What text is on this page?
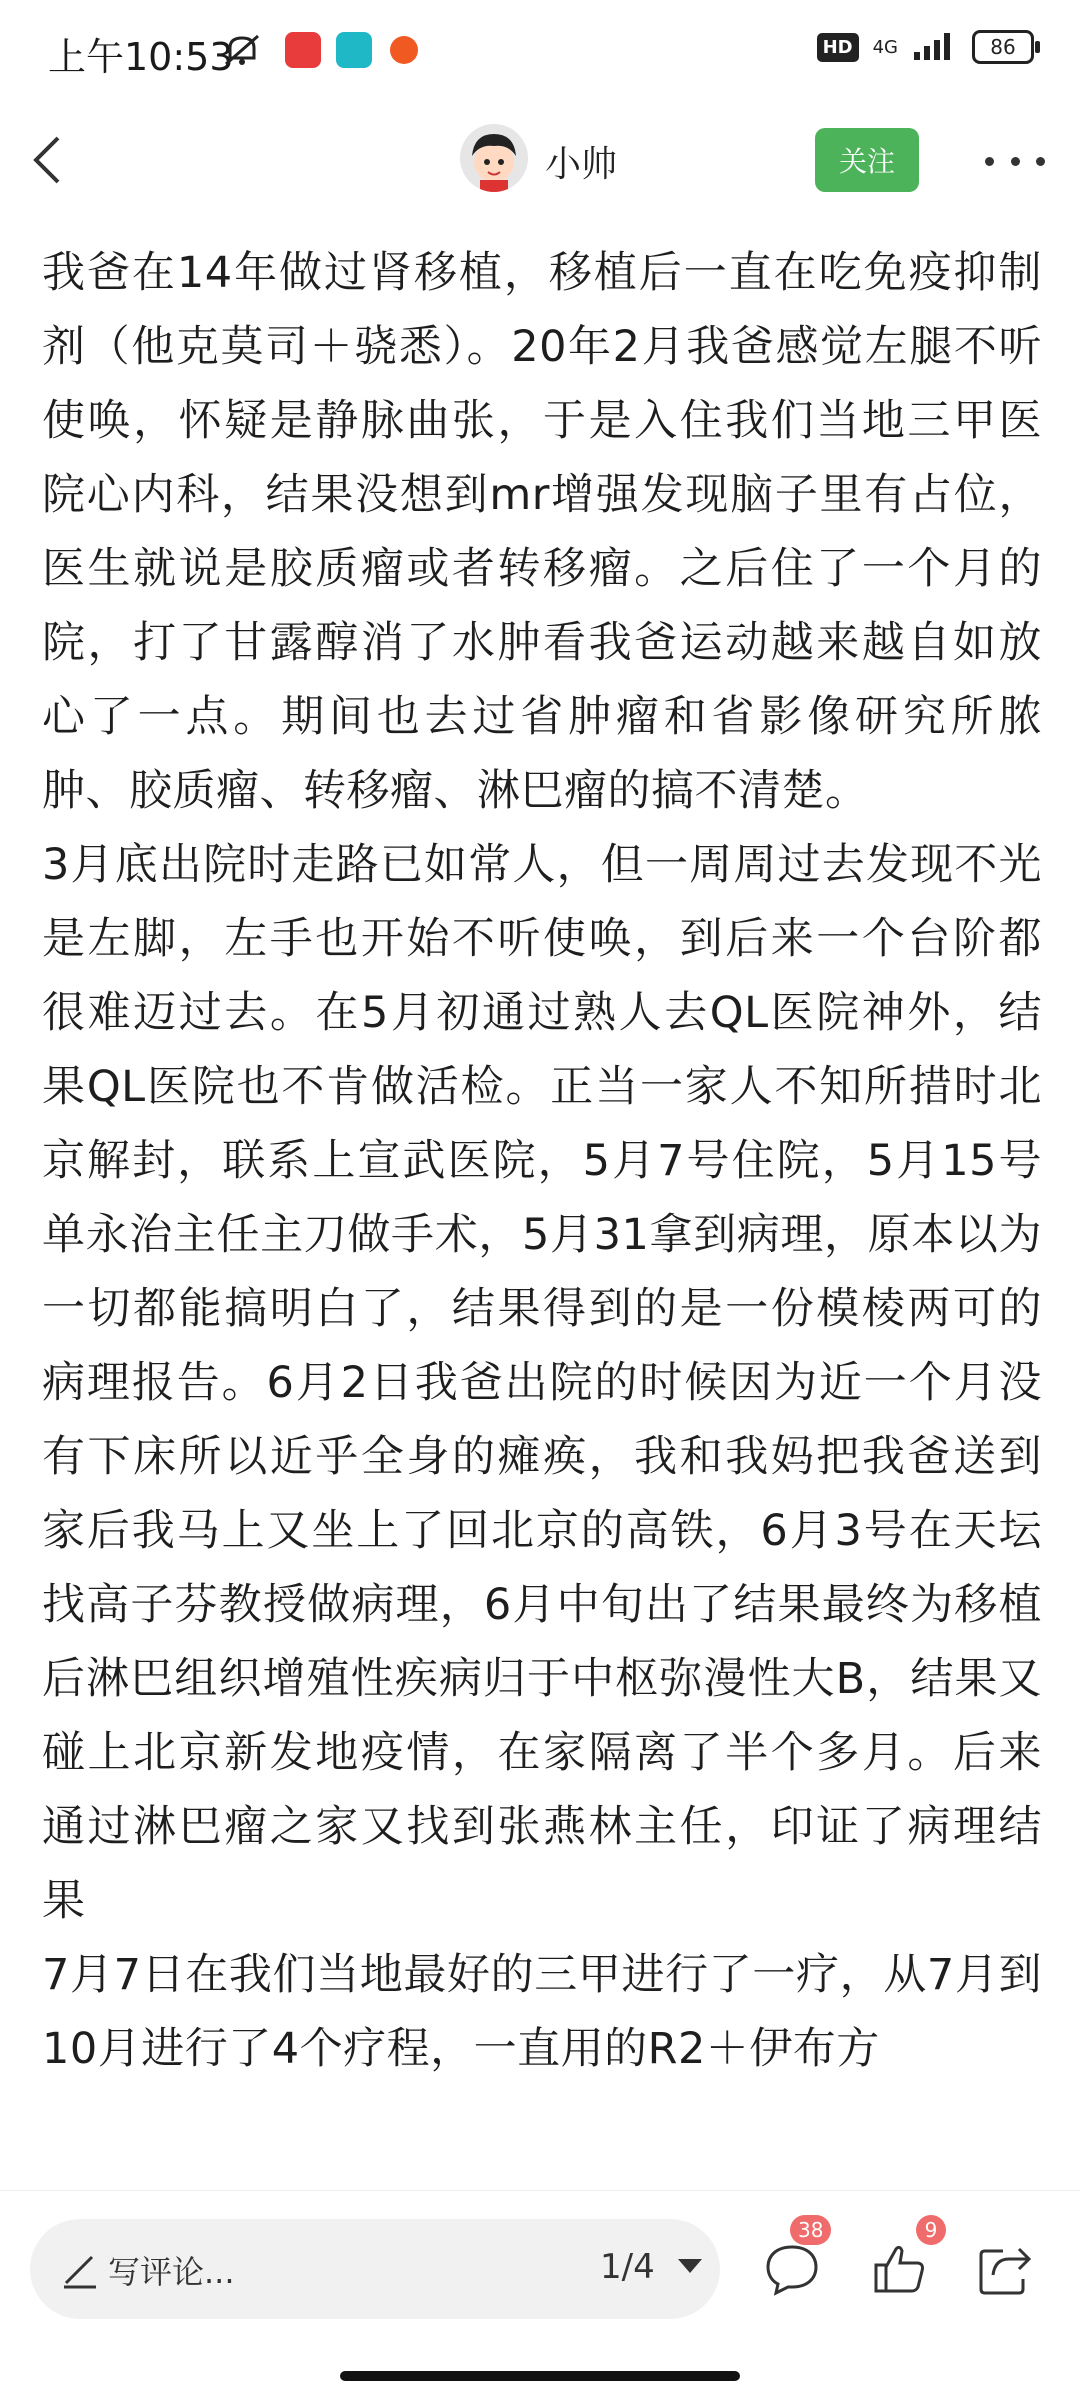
上午10:53	HD	4G	86
小帅	关注

我爸在14年做过肾移植，移植后一直在吃免疫抑制剂（他克莫司＋骁悉）。20年2月我爸感觉左腿不听使唤，怀疑是静脉曲张，于是入住我们当地三甲医院心内科，结果没想到mr增强发现脑子里有占位，医生就说是胶质瘤或者转移瘤。之后住了一个月的院，打了甘露醇消了水肿看我爸运动越来越自如放心了一点。期间也去过省肿瘤和省影像研究所脓肿、胶质瘤、转移瘤、淋巴瘤的搞不清楚。

3月底出院时走路已如常人，但一周周过去发现不光是左脚，左手也开始不听使唤，到后来一个台阶都很难迈过去。在5月初通过熟人去QL医院神外，结果QL医院也不肯做活检。正当一家人不知所措时北京解封，联系上宣武医院，5月7号住院，5月15号单永治主任主刀做手术，5月31拿到病理，原本以为一切都能搞明白了，结果得到的是一份模棱两可的病理报告。6月2日我爸出院的时候因为近一个月没有下床所以近乎全身的瘫痪，我和我妈把我爸送到家后我马上又坐上了回北京的高铁，6月3号在天坛找高子芬教授做病理，6月中旬出了结果最终为移植后淋巴组织增殖性疾病归于中枢弥漫性大B，结果又碰上北京新发地疫情，在家隔离了半个多月。后来通过淋巴瘤之家又找到张燕林主任，印证了病理结果

7月7日在我们当地最好的三甲进行了一疗，从7月到10月进行了4个疗程，一直用的R2＋伊布方

写评论...	1/4
38	9
